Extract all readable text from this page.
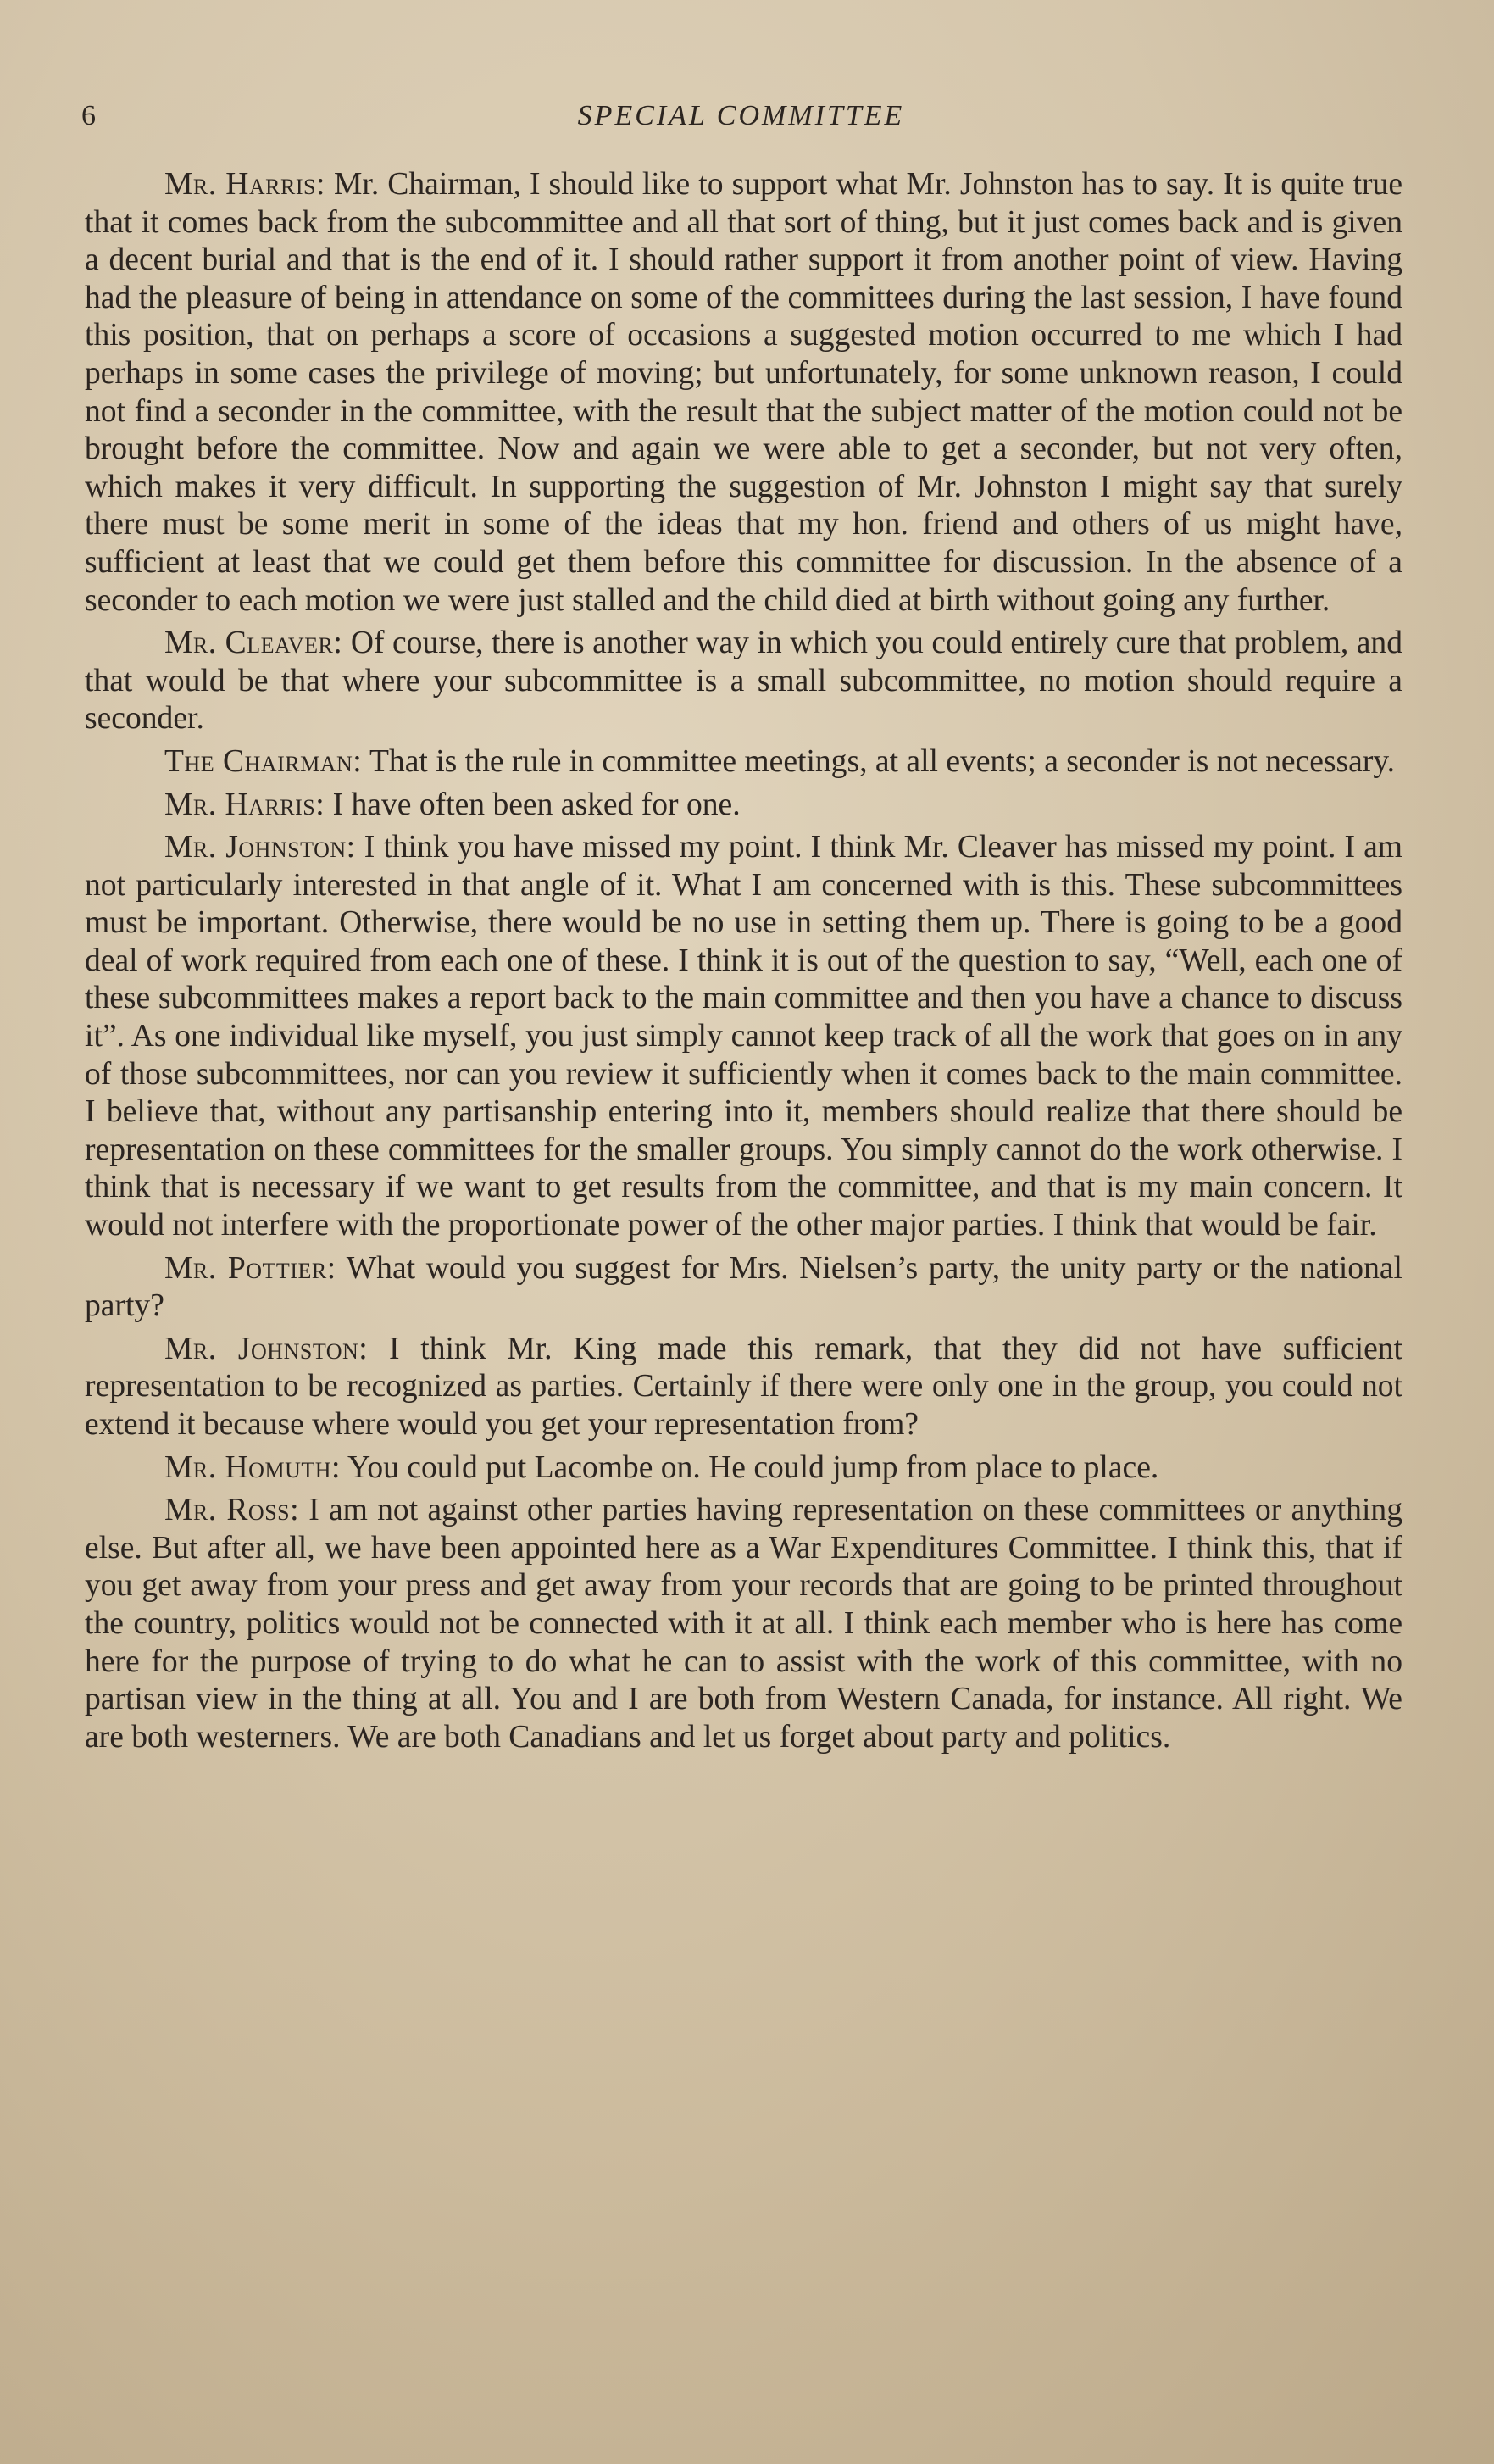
6	SPECIAL COMMITTEE

Mr. Harris: Mr. Chairman, I should like to support what Mr. Johnston has to say. It is quite true that it comes back from the subcommittee and all that sort of thing, but it just comes back and is given a decent burial and that is the end of it. I should rather support it from another point of view. Having had the pleasure of being in attendance on some of the committees during the last session, I have found this position, that on perhaps a score of occasions a suggested motion occurred to me which I had perhaps in some cases the privilege of moving; but unfortunately, for some unknown reason, I could not find a seconder in the committee, with the result that the subject matter of the motion could not be brought before the committee. Now and again we were able to get a seconder, but not very often, which makes it very difficult. In supporting the suggestion of Mr. Johnston I might say that surely there must be some merit in some of the ideas that my hon. friend and others of us might have, sufficient at least that we could get them before this committee for discussion. In the absence of a seconder to each motion we were just stalled and the child died at birth without going any further.

Mr. Cleaver: Of course, there is another way in which you could entirely cure that problem, and that would be that where your subcommittee is a small subcommittee, no motion should require a seconder.

The Chairman: That is the rule in committee meetings, at all events; a seconder is not necessary.

Mr. Harris: I have often been asked for one.

Mr. Johnston: I think you have missed my point. I think Mr. Cleaver has missed my point. I am not particularly interested in that angle of it. What I am concerned with is this. These subcommittees must be important. Otherwise, there would be no use in setting them up. There is going to be a good deal of work required from each one of these. I think it is out of the question to say, “Well, each one of these subcommittees makes a report back to the main committee and then you have a chance to discuss it”. As one individual like myself, you just simply cannot keep track of all the work that goes on in any of those subcommittees, nor can you review it sufficiently when it comes back to the main committee. I believe that, without any partisanship entering into it, members should realize that there should be representation on these committees for the smaller groups. You simply cannot do the work otherwise. I think that is necessary if we want to get results from the committee, and that is my main concern. It would not interfere with the proportionate power of the other major parties. I think that would be fair.

Mr. Pottier: What would you suggest for Mrs. Nielsen’s party, the unity party or the national party?

Mr. Johnston: I think Mr. King made this remark, that they did not have sufficient representation to be recognized as parties. Certainly if there were only one in the group, you could not extend it because where would you get your representation from?

Mr. Homuth: You could put Lacombe on. He could jump from place to place.

Mr. Ross: I am not against other parties having representation on these committees or anything else. But after all, we have been appointed here as a War Expenditures Committee. I think this, that if you get away from your press and get away from your records that are going to be printed throughout the country, politics would not be connected with it at all. I think each member who is here has come here for the purpose of trying to do what he can to assist with the work of this committee, with no partisan view in the thing at all. You and I are both from Western Canada, for instance. All right. We are both westerners. We are both Canadians and let us forget about party and politics.
